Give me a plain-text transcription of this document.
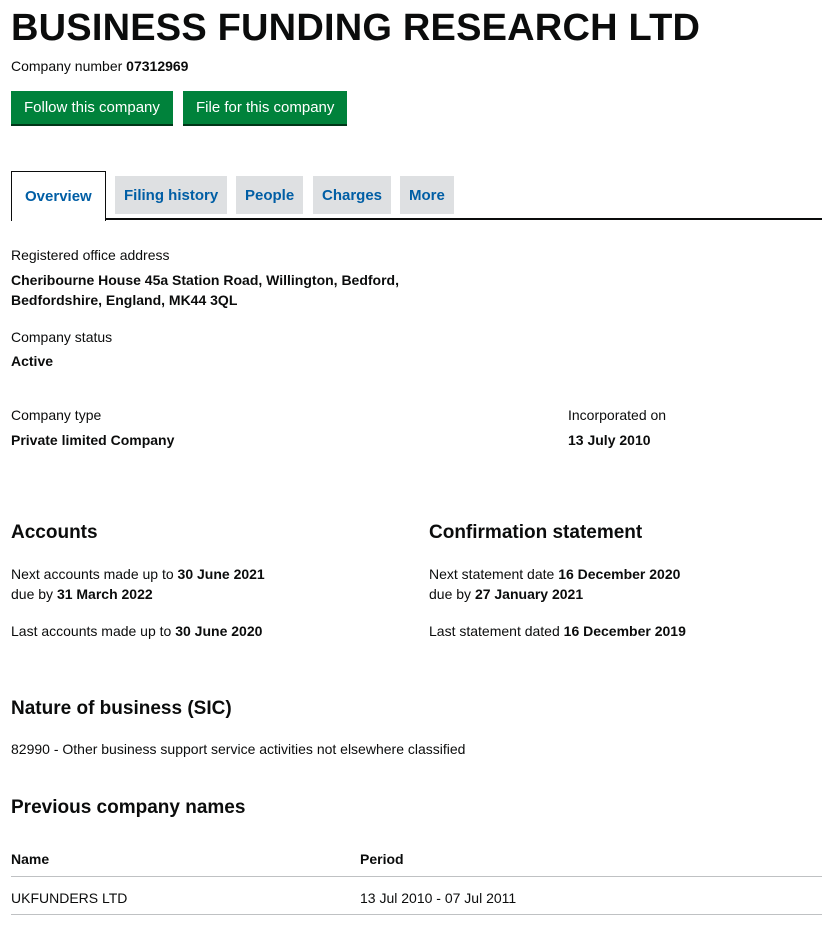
BUSINESS FUNDING RESEARCH LTD
Company number 07312969
Follow this company	File for this company
Overview	Filing history	People	Charges	More
Registered office address
Cheribourne House 45a Station Road, Willington, Bedford,
Bedfordshire, England, MK44 3QL
Company status
Active
Company type
Private limited Company
Incorporated on
13 July 2010
Accounts
Next accounts made up to 30 June 2021
due by 31 March 2022
Last accounts made up to 30 June 2020
Confirmation statement
Next statement date 16 December 2020
due by 27 January 2021
Last statement dated 16 December 2019
Nature of business (SIC)
82990 - Other business support service activities not elsewhere classified
Previous company names
Name	Period
UKFUNDERS LTD	13 Jul 2010 - 07 Jul 2011
